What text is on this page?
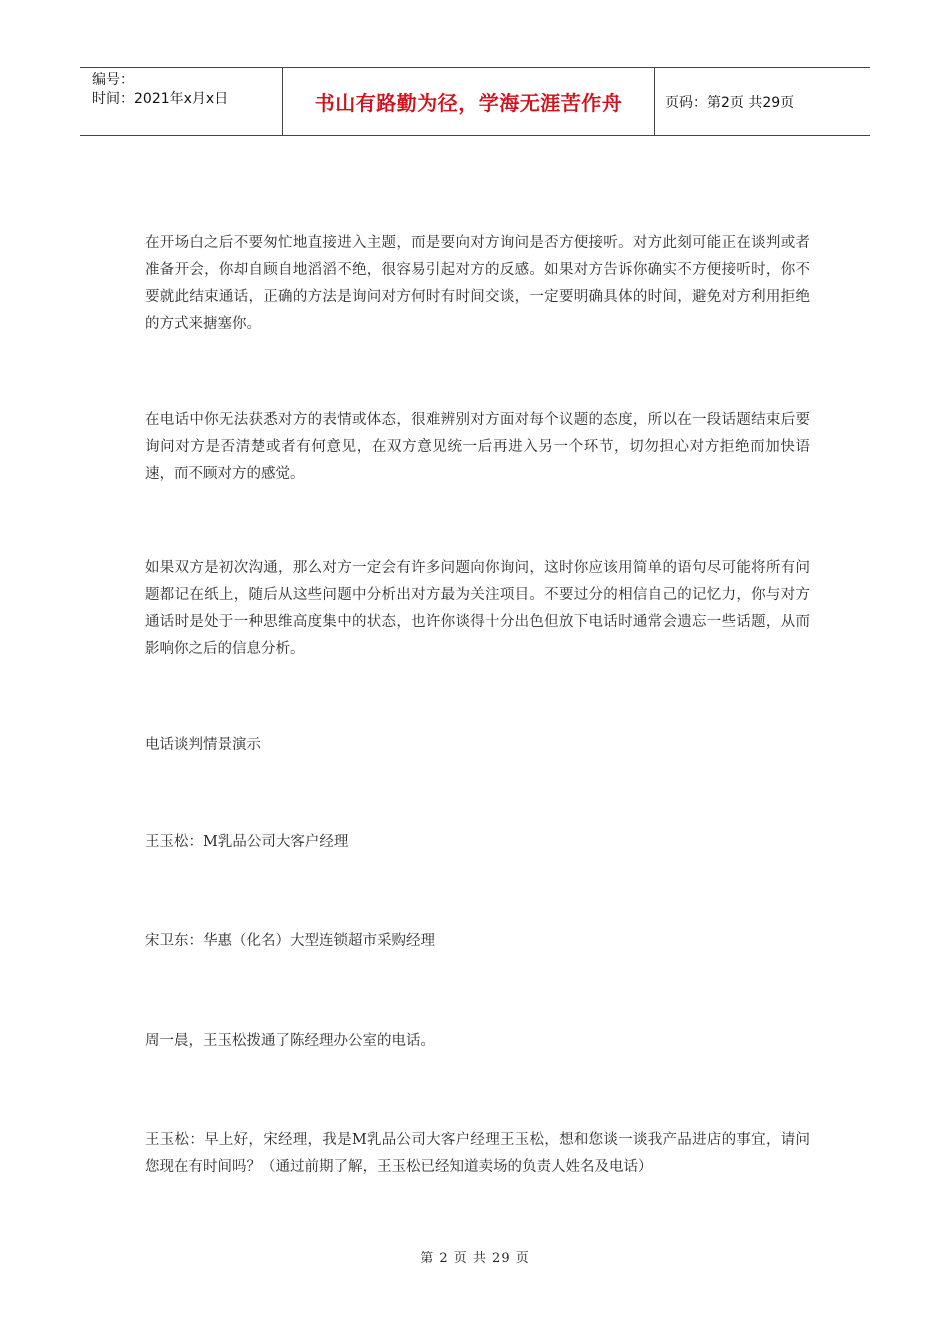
编号：
时间：2021年x月x日	书山有路勤为径，学海无涯苦作舟	页码：第2页 共29页

在开场白之后不要匆忙地直接进入主题，而是要向对方询问是否方便接听。对方此刻可能正在谈判或者准备开会，你却自顾自地滔滔不绝，很容易引起对方的反感。如果对方告诉你确实不方便接听时，你不要就此结束通话，正确的方法是询问对方何时有时间交谈，一定要明确具体的时间，避免对方利用拒绝的方式来搪塞你。

在电话中你无法获悉对方的表情或体态，很难辨别对方面对每个议题的态度，所以在一段话题结束后要询问对方是否清楚或者有何意见，在双方意见统一后再进入另一个环节，切勿担心对方拒绝而加快语速，而不顾对方的感觉。

如果双方是初次沟通，那么对方一定会有许多问题向你询问，这时你应该用简单的语句尽可能将所有问题都记在纸上，随后从这些问题中分析出对方最为关注项目。不要过分的相信自己的记忆力，你与对方通话时是处于一种思维高度集中的状态，也许你谈得十分出色但放下电话时通常会遗忘一些话题，从而影响你之后的信息分析。

电话谈判情景演示

王玉松：M乳品公司大客户经理

宋卫东：华惠（化名）大型连锁超市采购经理

周一晨，王玉松拨通了陈经理办公室的电话。

王玉松：早上好，宋经理，我是M乳品公司大客户经理王玉松，想和您谈一谈我产品进店的事宜，请问您现在有时间吗？（通过前期了解，王玉松已经知道卖场的负责人姓名及电话）

第 2 页 共 29 页
